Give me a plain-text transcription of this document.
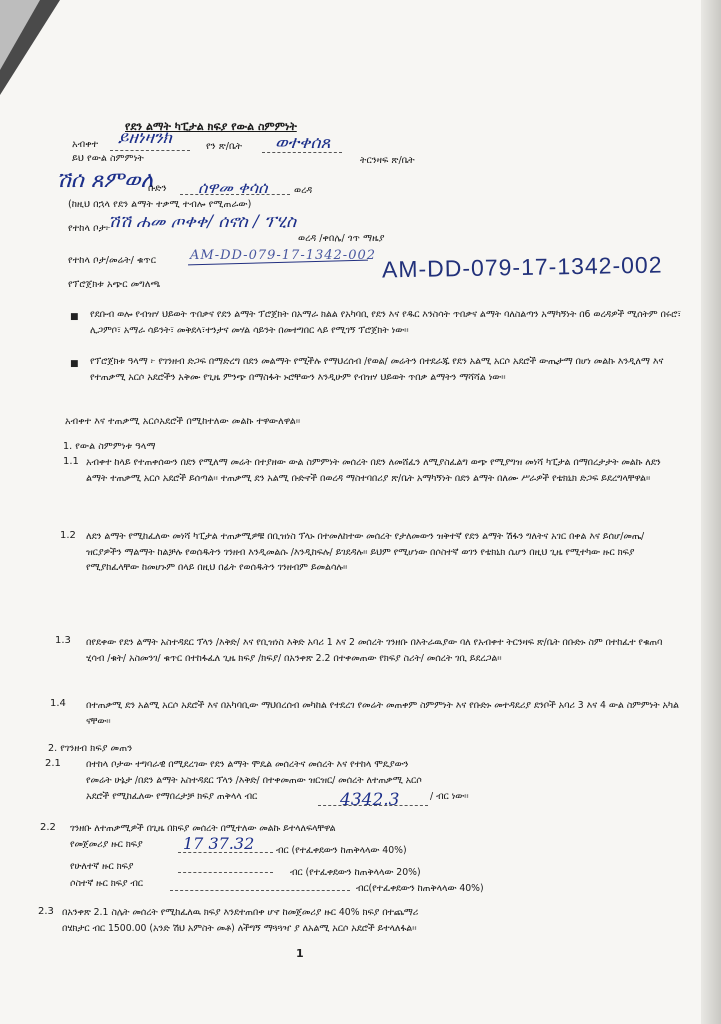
የደን ልማት ካፒታል ክፍያ የውል ስምምነት
አብቀተ ይዘነዛንክ	የን ጽ/ቤት ወተቀሰጸ
ይህ የውል ስምምነት	ትርንዛፍ ጽ/ቤት
ሽሰ ጸምወለ
ቡድን ሰዋመ ቀሳሰ	ወረዳ
(ከዚህ በኋላ የደን ልማት ተቃሚ ተብሎ የሚጠራው)
የተከላ ቦታ፦
ሽሽ ሐመ ጦቀቀ/ ሰኖስ / ፕሂስ
ወረዳ /ቀበሌ/ ጎጥ ማዜያ
የተከላ ቦታ/መሬት/ ቁጥር	AM-DD-079-17-1342-002 AM-DD-079-17-1342-002
የፕሮጀክቱ አጭር መግለጫ
■ የደቡብ ወሎ የብዝሃ ህይወት ጥበቃና የደን ልማት ፕሮጀክት በአማራ ክልል የአካባቢ የደን እና የዱር እንስሳት ጥበቃና ልማት ባለስልጣን አማካኝነት በ6 ወረዳዎች ሚሰትም በሩሮ፣ ሊጋምቦ፣ አማራ ሳይንት፣ መቅደላ፣ተንታና መሃል ሳይንት በመተግበር ላይ የሚገኝ ፕሮጀክት ነው፡፡
■ የፕሮጀክቱ ዓላማ ፦ የገንዘብ ድጋፍ በማድረግ በደን መልማት የሚችሉ የማህረሰብ /የወል/ መሬትን በተደራጁ የደን አልሚ አርሶ አደሮች ውጤታማ በሆነ መልኩ እንዲለማ እና የተጠቃሚ አርሶ አደሮችን አቅሙ የጊዜ ምንጭ በማስፋት ኑሮቸውን እንዲሁም የብዝሃ ህይወት ጥበቃ ልማትን ማሻሻል ነው፡፡
አብቀተ እና ተጠቃሚ አርሶአደሮች በሚከተለው መልኩ ተዋውለዋል፡፡
1. የውል ስምምነቱ ዓላማ
1.1 አብቀተ ከላይ የተጠቀሰውን በደን የሚለማ መሬት በተያዘው ውል ስምምነት መሰረት በደን ለመሸፈን ለሚያስፈልግ ወጭ የሚያግዝ መነሻ ካፒታል በማበረታታት መልኩ ለደን ልማት ተጠቃሚ አርሶ አደሮች ይሰጣል፡፡ ተጠቃሚ ደን አልሚ ቡድኖች በወረዳ ማስተባበሪያ ጽ/ቤት አማካኝነት በደን ልማት በለሙ ሥራዎች የቴክኒክ ድጋፍ ይደረግላቸዋል፡፡
1.2 ለደን ልማት የሚከፈለው መነሻ ካፒታል ተጠቃሚዎቹ በቢዝነስ ፕላኑ በተመለከተው መሰረት የታለመውን ዝቅተኛ የደን ልማት ሽፋን ግለትና አገር በቀል እና ይሰሆ/መጤ/ ዝርያዎችን ማልማት ከልቻሉ የወሰዱትን ገንዘብ እንዲመልሱ /እንዲከፍሉ/ ይገደዳሉ፡፡ ይህም የሚሆነው በሶስተኛ ወገን የቴክኒክ ሴሆን በዚህ ጊዜ የሚተካው ዙር ክፍያ የሚያከፈላቸው ከመሆኑም በላይ በዚህ በፊት የወሰዱትን ገንዘብም ይመልሳሉ፡፡
1.3 በየደቀው የደን ልማት አስተዳደር ፕላን /እቅድ/ እና የቢዝነስ እቅድ አባሪ 1 እና 2 መሰረት ገንዘቡ በእትራዉያው ባለ የአብቀተ ትርንዛፍ ጽ/ቤት በቡድኑ ስም በተከፈተ የቁጠባ ሂሳብ /ቁት/ አስመንገ/ ቁጥር በተከፋፈለ ጊዜ ክፍያ /ክፍያ/ በአንቀጽ 2.2 በተቀመጠው የክፍያ ስሪት/ መሰረት ገቢ ይደረጋል፡፡
1.4 በተጠቃሚ ደን አልሚ አርሶ አደሮች እና በአካባቢው ማህበረሰብ መካከል የተደረገ የመሬት መጠቀም ስምምነት እና የቡድኑ መተዳደሪያ ደንቦች አባሪ 3 እና 4 ውል ስምምነት አካል ናቸው፡፡
2. የገንዘብ ክፍያ መጠን
2.1	በተከላ ቦታው ተግባራዊ በሚደረገው የደን ልማት ሞዴል መሰረትና መሰረት እና የተከላ ሞዴያውን
የመሬት ሁኔታ /በደን ልማት አስተዳደር ፕላን /እቅድ/ በተቀመጠው ዝርዝር/ መሰረት ለተጠቃሚ አርሶ
አደሮች የሚከፈለው የማበረታቻ ክፍያ ጠቅላላ ብር	4342.3	/ ብር ነው፡፡
2.2 ገንዘቡ ለተጠቃሚዎች በጊዜ በክፍያ መሰረት በሚተለው መልኩ ይተላለፍላቸዋል
የመጀመሪያ ዙር ክፍያ	17 37.32 ብር (የተፈቀደውን ከጠቅላላው 40%)
የሁለተኛ ዙር ክፍያ
ብር (የተፈቀደውን ከጠቅላላው 20%)
ሶስተኛ ዙር ክፍያ ብር	ብር(የተፈቀደውን ከጠቅላላው 40%)
2.3 በአንቀጽ 2.1 ስሌት መሰረት የሚከፈለዉ ክፍያ እንደተጠበቀ ሆኖ ከመጀመሪያ ዙር 40% ክፍያ በተጨማሪ
በሄክታር ብር 1500.00 (አንድ ሽህ አምስት መቶ) ለችግኝ ማጓጓዣ ያ ለአልሚ አርሶ አደሮች ይተላለፋል፡፡
1
